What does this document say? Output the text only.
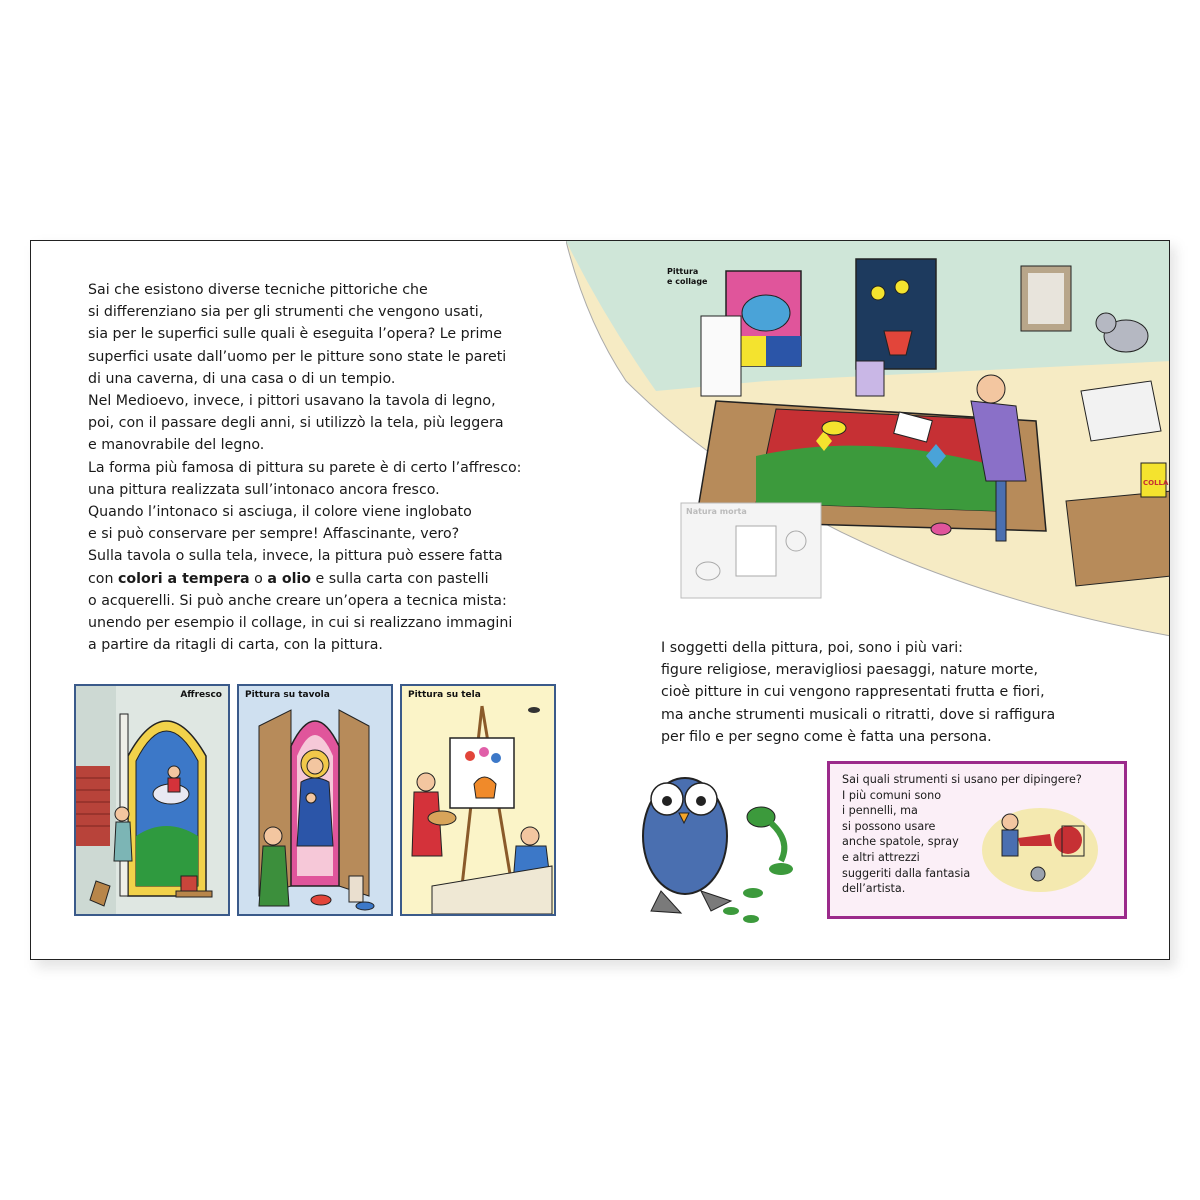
Sai che esistono diverse tecniche pittoriche che

si differenziano sia per gli strumenti che vengono usati,

sia per le superfici sulle quali è eseguita l’opera? Le prime

superfici usate dall’uomo per le pitture sono state le pareti

di una caverna, di una casa o di un tempio.

Nel Medioevo, invece, i pittori usavano la tavola di legno,

poi, con il passare degli anni, si utilizzò la tela, più leggera

e manovrabile del legno.

La forma più famosa di pittura su parete è di certo l’affresco:

una pittura realizzata sull’intonaco ancora fresco.

Quando l’intonaco si asciuga, il colore viene inglobato

e si può conservare per sempre! Affascinante, vero?

Sulla tavola o sulla tela, invece, la pittura può essere fatta

con colori a tempera o a olio e sulla carta con pastelli

o acquerelli. Si può anche creare un’opera a tecnica mista:

unendo per esempio il collage, in cui si realizzano immagini

a partire da ritagli di carta, con la pittura.

Affresco	Pittura su tavola	Pittura su tela
COLLA
Pittura
e collage
Natura morta

I soggetti della pittura, poi, sono i più vari:

figure religiose, meravigliosi paesaggi, nature morte,

cioè pitture in cui vengono rappresentati frutta e fiori,

ma anche strumenti musicali o ritratti, dove si raffigura

per filo e per segno come è fatta una persona.

Sai quali strumenti si usano per dipingere?
I più comuni sono
i pennelli, ma
si possono usare
anche spatole, spray
e altri attrezzi
suggeriti dalla fantasia
dell’artista.
